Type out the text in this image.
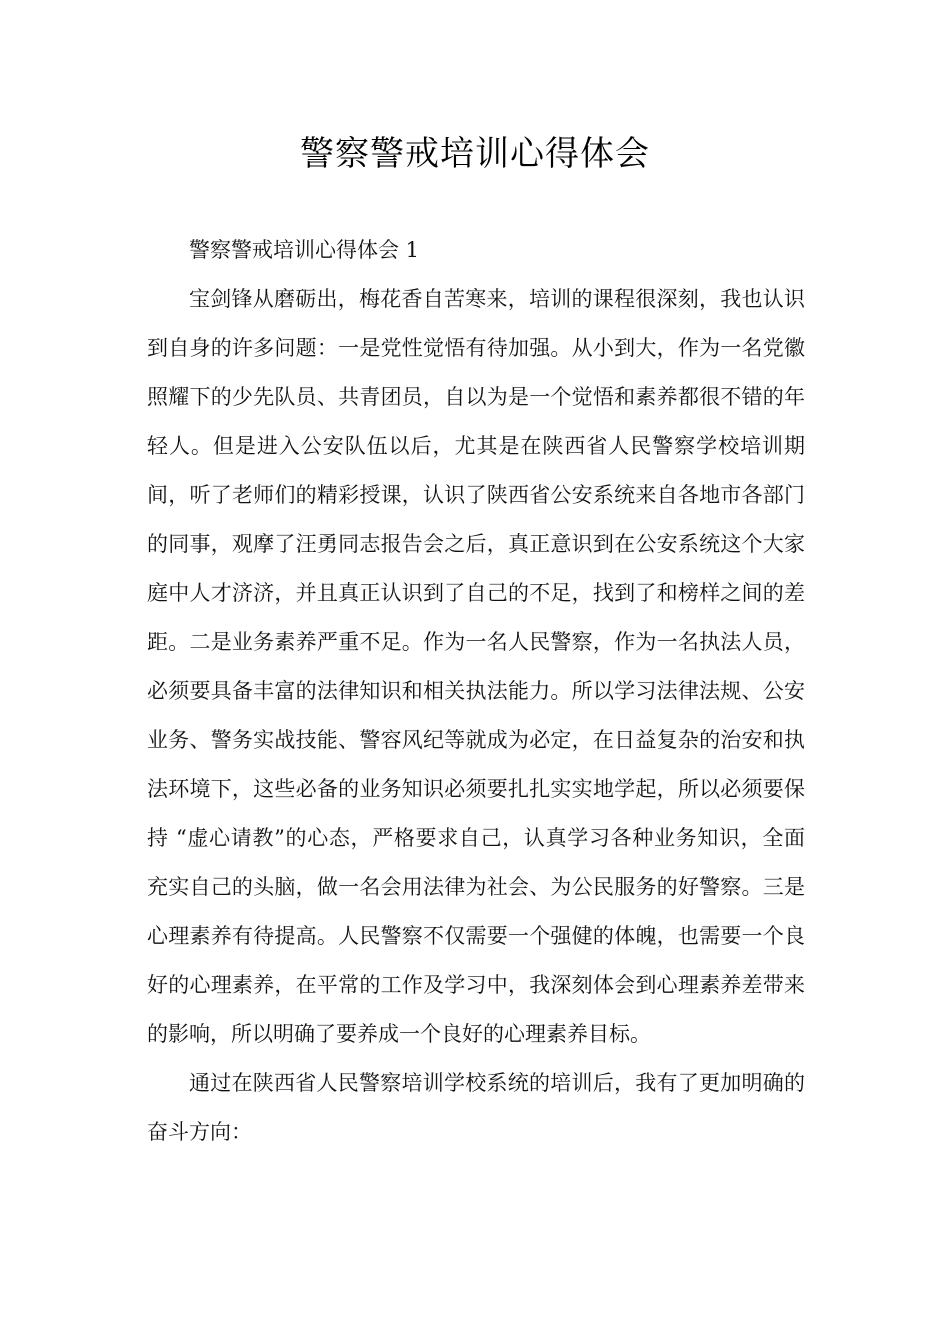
警察警戒培训心得体会

警察警戒培训心得体会 1

宝剑锋从磨砺出，梅花香自苦寒来，培训的课程很深刻，我也认识到自身的许多问题：一是党性觉悟有待加强。从小到大，作为一名党徽照耀下的少先队员、共青团员，自以为是一个觉悟和素养都很不错的年轻人。但是进入公安队伍以后，尤其是在陕西省人民警察学校培训期间，听了老师们的精彩授课，认识了陕西省公安系统来自各地市各部门的同事，观摩了汪勇同志报告会之后，真正意识到在公安系统这个大家庭中人才济济，并且真正认识到了自己的不足，找到了和榜样之间的差距。二是业务素养严重不足。作为一名人民警察，作为一名执法人员，必须要具备丰富的法律知识和相关执法能力。所以学习法律法规、公安业务、警务实战技能、警容风纪等就成为必定，在日益复杂的治安和执法环境下，这些必备的业务知识必须要扎扎实实地学起，所以必须要保持 “虚心请教”的心态，严格要求自己，认真学习各种业务知识，全面充实自己的头脑，做一名会用法律为社会、为公民服务的好警察。三是心理素养有待提高。人民警察不仅需要一个强健的体魄，也需要一个良好的心理素养，在平常的工作及学习中，我深刻体会到心理素养差带来的影响，所以明确了要养成一个良好的心理素养目标。

通过在陕西省人民警察培训学校系统的培训后，我有了更加明确的奋斗方向：
